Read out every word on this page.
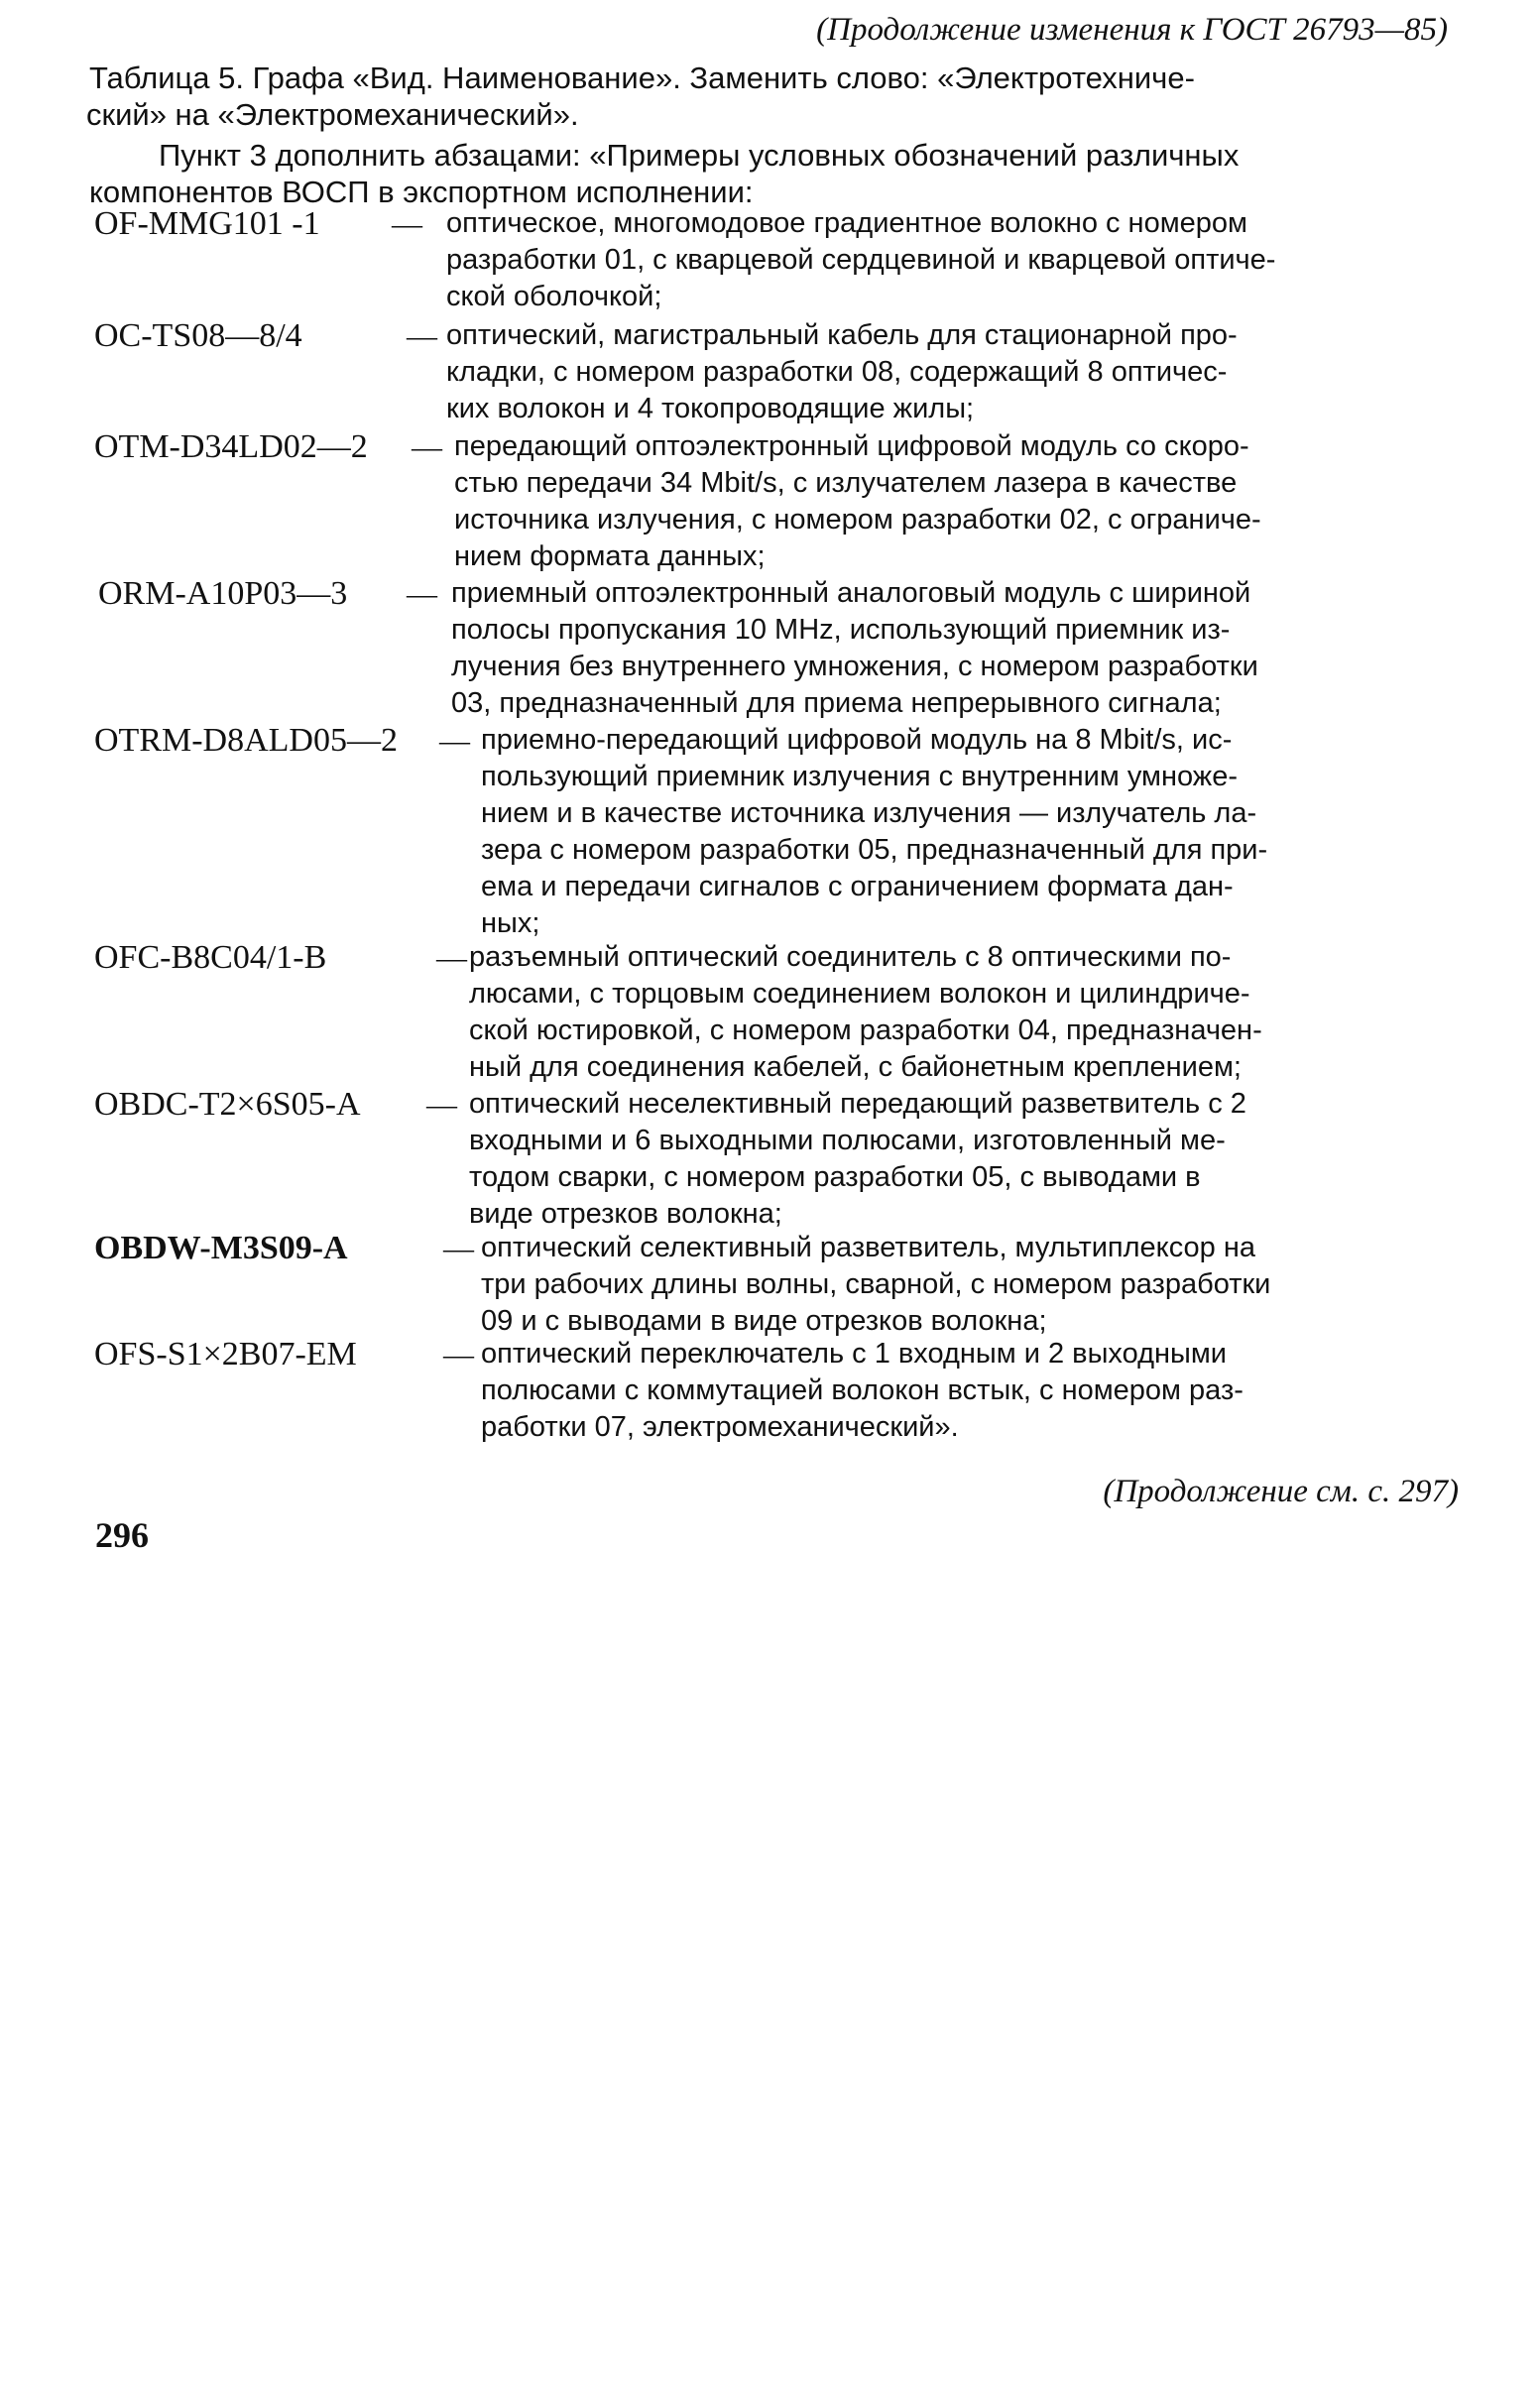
(Продолжение изменения к ГОСТ 26793—85)
Таблица 5. Графа «Вид. Наименование». Заменить слово: «Электротехниче-
ский» на «Электромеханический».
Пункт 3 дополнить абзацами: «Примеры условных обозначений различных
компонентов ВОСП в экспортном исполнении:
OF-MMG101 -1 — оптическое, многомодовое градиентное волокно с номером
разработки 01, с кварцевой сердцевиной и кварцевой оптиче-
ской оболочкой;
OC-TS08—8/4	— оптический, магистральный кабель для стационарной про-
кладки, с номером разработки 08, содержащий 8 оптичес-
ких волокон и 4 токопроводящие жилы;
OTM-D34LD02—2 — передающий оптоэлектронный цифровой модуль со скоро-
стью передачи 34 Mbit/s, с излучателем лазера в качестве
источника излучения, с номером разработки 02, с ограниче-
нием формата данных;
ORM-A10P03—3 — приемный оптоэлектронный аналоговый модуль с шириной
полосы пропускания 10 MHz, использующий приемник из-
лучения без внутреннего умножения, с номером разработки
03, предназначенный для приема непрерывного сигнала;
OTRM-D8ALD05—2 — приемно-передающий цифровой модуль на 8 Mbit/s, ис-
пользующий приемник излучения с внутренним умноже-
нием и в качестве источника излучения — излучатель ла-
зера с номером разработки 05, предназначенный для при-
ема и передачи сигналов с ограничением формата дан-
ных;
OFC-B8C04/1-B	— разъемный оптический соединитель с 8 оптическими по-
люсами, с торцовым соединением волокон и цилиндриче-
ской юстировкой, с номером разработки 04, предназначен-
ный для соединения кабелей, с байонетным креплением;
OBDC-T2×6S05-A — оптический неселективный передающий разветвитель с 2
входными и 6 выходными полюсами, изготовленный ме-
тодом сварки, с номером разработки 05, с выводами в
виде отрезков волокна;
OBDW-M3S09-A	— оптический селективный разветвитель, мультиплексор на
три рабочих длины волны, сварной, с номером разработки
09 и с выводами в виде отрезков волокна;
OFS-S1×2B07-EM	— оптический переключатель с 1 входным и 2 выходными
полюсами с коммутацией волокон встык, с номером раз-
работки 07, электромеханический».
(Продолжение см. с. 297)
296
